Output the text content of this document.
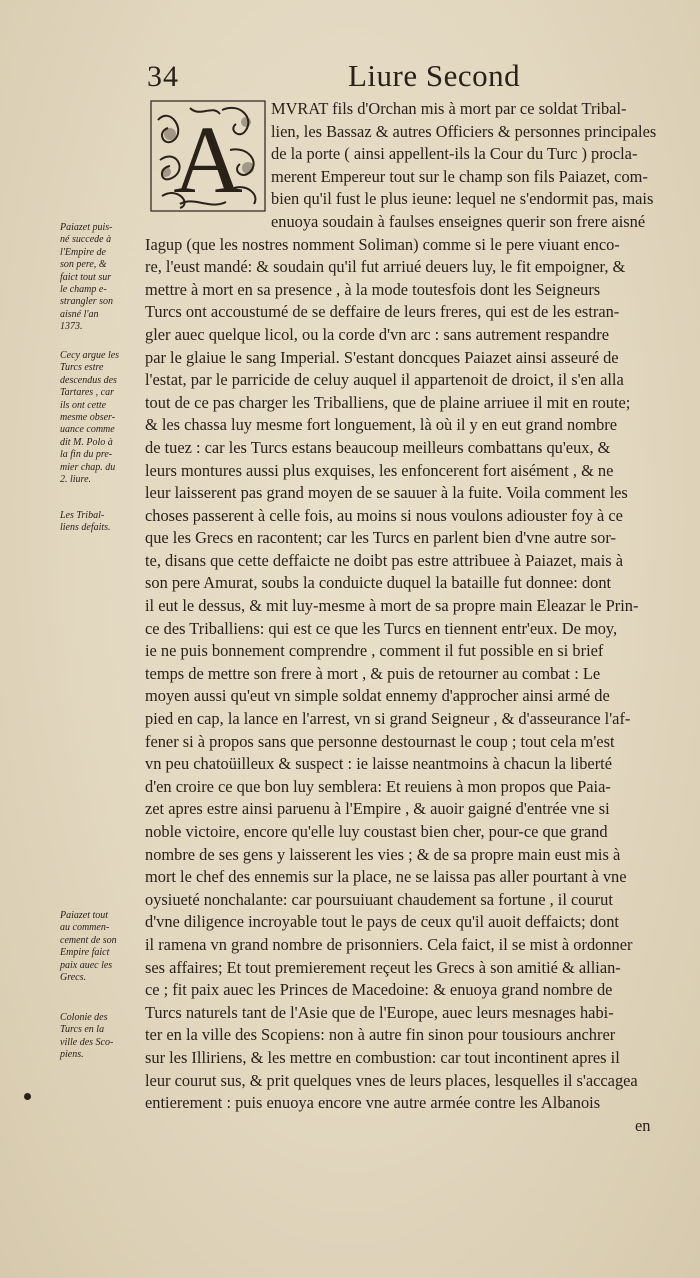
34	Liure Second
A	MVRAT fils d'Orchan mis à mort par ce soldat Tribal-
lien, les Bassaz & autres Officiers & personnes principales
de la porte ( ainsi appellent-ils la Cour du Turc ) procla-
merent Empereur tout sur le champ son fils Paiazet, com-
bien qu'il fust le plus ieune: lequel ne s'endormit pas, mais
enuoya soudain à faulses enseignes querir son frere aisné
Iagup (que les nostres nomment Soliman) comme si le pere viuant enco-
re, l'eust mandé: & soudain qu'il fut arriué deuers luy, le fit empoigner, &
mettre à mort en sa presence , à la mode toutesfois dont les Seigneurs
Turcs ont accoustumé de se deffaire de leurs freres, qui est de les estran-
gler auec quelque licol, ou la corde d'vn arc : sans autrement respandre
par le glaiue le sang Imperial. S'estant doncques Paiazet ainsi asseuré de
l'estat, par le parricide de celuy auquel il appartenoit de droict, il s'en alla
tout de ce pas charger les Triballiens, que de plaine arriuee il mit en route;
& les chassa luy mesme fort longuement, là où il y en eut grand nombre
de tuez : car les Turcs estans beaucoup meilleurs combattans qu'eux, &
leurs montures aussi plus exquises, les enfoncerent fort aisément , & ne
leur laisserent pas grand moyen de se sauuer à la fuite. Voila comment les
choses passerent à celle fois, au moins si nous voulons adiouster foy à ce
que les Grecs en racontent; car les Turcs en parlent bien d'vne autre sor-
te, disans que cette deffaicte ne doibt pas estre attribuee à Paiazet, mais à
son pere Amurat, soubs la conduicte duquel la bataille fut donnee: dont
il eut le dessus, & mit luy-mesme à mort de sa propre main Eleazar le Prin-
ce des Triballiens: qui est ce que les Turcs en tiennent entr'eux. De moy,
ie ne puis bonnement comprendre , comment il fut possible en si brief
temps de mettre son frere à mort , & puis de retourner au combat : Le
moyen aussi qu'eut vn simple soldat ennemy d'approcher ainsi armé de
pied en cap, la lance en l'arrest, vn si grand Seigneur , & d'asseurance l'af-
fener si à propos sans que personne destournast le coup ; tout cela m'est
vn peu chatoüilleux & suspect : ie laisse neantmoins à chacun la liberté
d'en croire ce que bon luy semblera: Et reuiens à mon propos que Paia-
zet apres estre ainsi paruenu à l'Empire , & auoir gaigné d'entrée vne si
noble victoire, encore qu'elle luy coustast bien cher, pour-ce que grand
nombre de ses gens y laisserent les vies ; & de sa propre main eust mis à
mort le chef des ennemis sur la place, ne se laissa pas aller pourtant à vne
oysiueté nonchalante: car poursuiuant chaudement sa fortune , il courut
d'vne diligence incroyable tout le pays de ceux qu'il auoit deffaicts; dont
il ramena vn grand nombre de prisonniers. Cela faict, il se mist à ordonner
ses affaires; Et tout premierement reçeut les Grecs à son amitié & allian-
ce ; fit paix auec les Princes de Macedoine: & enuoya grand nombre de
Turcs naturels tant de l'Asie que de l'Europe, auec leurs mesnages habi-
ter en la ville des Scopiens: non à autre fin sinon pour tousiours anchrer
sur les Illiriens, & les mettre en combustion: car tout incontinent apres il
leur courut sus, & prit quelques vnes de leurs places, lesquelles il s'accagea
entierement : puis enuoya encore vne autre armée contre les Albanois
en
Paiazet puis-
né succede à
l'Empire de
son pere, &
faict tout sur
le champ e-
strangler son
aisné l'an
1373.
Cecy argue les
Turcs estre
descendus des
Tartares , car
ils ont cette
mesme obser-
uance comme
dit M. Polo à
la fin du pre-
mier chap. du
2. liure.
Les Tribal-
liens defaits.
Paiazet tout
au commen-
cement de son
Empire faict
paix auec les
Grecs.
Colonie des
Turcs en la
ville des Sco-
piens.
